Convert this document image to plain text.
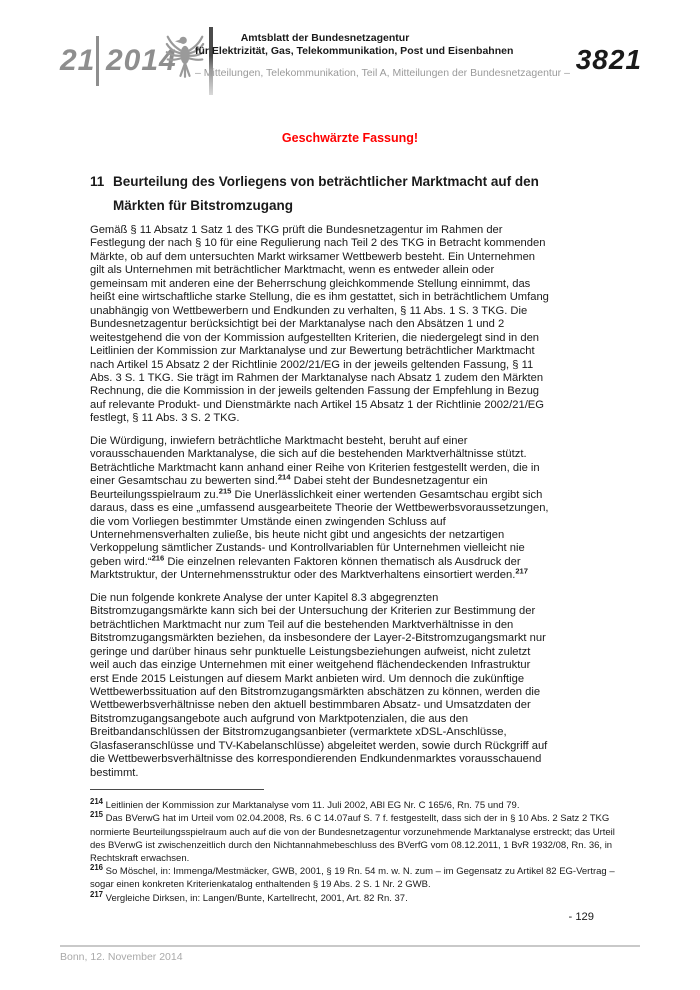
21 2014
Amtsblatt der Bundesnetzagentur
für Elektrizität, Gas, Telekommunikation, Post und Eisenbahnen
– Mitteilungen, Telekommunikation, Teil A, Mitteilungen der Bundesnetzagentur – 3821
Geschwärzte Fassung!
11 Beurteilung des Vorliegens von beträchtlicher Marktmacht auf den
Märkten für Bitstromzugang
Gemäß § 11 Absatz 1 Satz 1 des TKG prüft die Bundesnetzagentur im Rahmen der
Festlegung der nach § 10 für eine Regulierung nach Teil 2 des TKG in Betracht kommenden
Märkte, ob auf dem untersuchten Markt wirksamer Wettbewerb besteht. Ein Unternehmen
gilt als Unternehmen mit beträchtlicher Marktmacht, wenn es entweder allein oder
gemeinsam mit anderen eine der Beherrschung gleichkommende Stellung einnimmt, das
heißt eine wirtschaftliche starke Stellung, die es ihm gestattet, sich in beträchtlichem Umfang
unabhängig von Wettbewerbern und Endkunden zu verhalten, § 11 Abs. 1 S. 3 TKG. Die
Bundesnetzagentur berücksichtigt bei der Marktanalyse nach den Absätzen 1 und 2
weitestgehend die von der Kommission aufgestellten Kriterien, die niedergelegt sind in den
Leitlinien der Kommission zur Marktanalyse und zur Bewertung beträchtlicher Marktmacht
nach Artikel 15 Absatz 2 der Richtlinie 2002/21/EG in der jeweils geltenden Fassung, § 11
Abs. 3 S. 1 TKG. Sie trägt im Rahmen der Marktanalyse nach Absatz 1 zudem den Märkten
Rechnung, die die Kommission in der jeweils geltenden Fassung der Empfehlung in Bezug
auf relevante Produkt- und Dienstmärkte nach Artikel 15 Absatz 1 der Richtlinie 2002/21/EG
festlegt, § 11 Abs. 3 S. 2 TKG.
Die Würdigung, inwiefern beträchtliche Marktmacht besteht, beruht auf einer
vorausschauenden Marktanalyse, die sich auf die bestehenden Marktverhältnisse stützt.
Beträchtliche Marktmacht kann anhand einer Reihe von Kriterien festgestellt werden, die in
einer Gesamtschau zu bewerten sind.$^{214}$ Dabei steht der Bundesnetzagentur ein
Beurteilungsspielraum zu.$^{215}$ Die Unerlässlichkeit einer wertenden Gesamtschau ergibt sich
daraus, dass es eine „umfassend ausgearbeitete Theorie der Wettbewerbsvoraussetzungen,
die vom Vorliegen bestimmter Umstände einen zwingenden Schluss auf
Unternehmensverhalten zuließe, bis heute nicht gibt und angesichts der netzartigen
Verkoppelung sämtlicher Zustands- und Kontrollvariablen für Unternehmen vielleicht nie
geben wird.“$^{216}$ Die einzelnen relevanten Faktoren können thematisch als Ausdruck der
Marktstruktur, der Unternehmensstruktur oder des Marktverhaltens einsortiert werden.$^{217}$
Die nun folgende konkrete Analyse der unter Kapitel 8.3 abgegrenzten
Bitstromzugangsmärkte kann sich bei der Untersuchung der Kriterien zur Bestimmung der
beträchtlichen Marktmacht nur zum Teil auf die bestehenden Marktverhältnisse in den
Bitstromzugangsmärkten beziehen, da insbesondere der Layer-2-Bitstromzugangsmarkt nur
geringe und darüber hinaus sehr punktuelle Leistungsbeziehungen aufweist, nicht zuletzt
weil auch das einzige Unternehmen mit einer weitgehend flächendeckenden Infrastruktur
erst Ende 2015 Leistungen auf diesem Markt anbieten wird. Um dennoch die zukünftige
Wettbewerbssituation auf den Bitstromzugangsmärkten abschätzen zu können, werden die
Wettbewerbsverhältnisse neben den aktuell bestimmbaren Absatz- und Umsatzdaten der
Bitstromzugangsangebote auch aufgrund von Marktpotenzialen, die aus den
Breitbandanschlüssen der Bitstromzugangsanbieter (vermarktete xDSL-Anschlüsse,
Glasfaseranschlüsse und TV-Kabelanschlüsse) abgeleitet werden, sowie durch Rückgriff auf
die Wettbewerbsverhältnisse des korrespondierenden Endkundenmarktes vorausschauend
bestimmt.
$^{214}$ Leitlinien der Kommission zur Marktanalyse vom 11. Juli 2002, ABl EG Nr. C 165/6, Rn. 75 und 79.
$^{215}$ Das BVerwG hat im Urteil vom 02.04.2008, Rs. 6 C 14.07auf S. 7 f. festgestellt, dass sich der in § 10 Abs. 2 Satz 2 TKG normierte Beurteilungsspielraum auch auf die von der Bundesnetzagentur vorzunehmende Marktanalyse erstreckt; das Urteil des BVerwG ist zwischenzeitlich durch den Nichtannahmebeschluss des BVerfG vom 08.12.2011, 1 BvR 1932/08, Rn. 36, in Rechtskraft erwachsen.
$^{216}$ So Möschel, in: Immenga/Mestmäcker, GWB, 2001, § 19 Rn. 54 m. w. N. zum – im Gegensatz zu Artikel 82 EG-Vertrag – sogar einen konkreten Kriterienkatalog enthaltenden § 19 Abs. 2 S. 1 Nr. 2 GWB.
$^{217}$ Vergleiche Dirksen, in: Langen/Bunte, Kartellrecht, 2001, Art. 82 Rn. 37.
- 129
Bonn, 12. November 2014
